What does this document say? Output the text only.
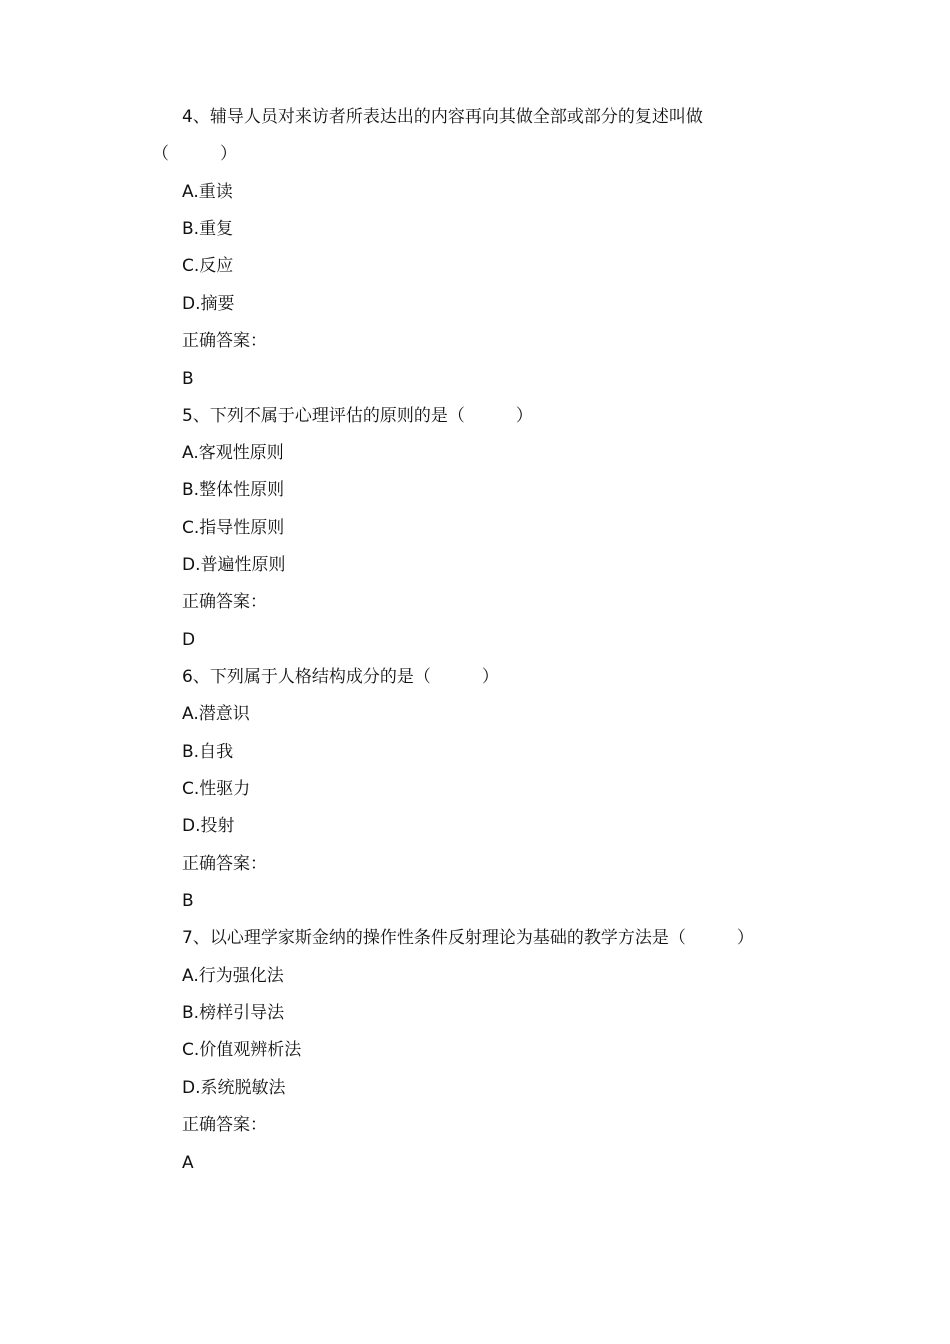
4、辅导人员对来访者所表达出的内容再向其做全部或部分的复述叫做
（　　　）
A.重读
B.重复
C.反应
D.摘要
正确答案：
B
5、下列不属于心理评估的原则的是（　　　）
A.客观性原则
B.整体性原则
C.指导性原则
D.普遍性原则
正确答案：
D
6、下列属于人格结构成分的是（　　　）
A.潜意识
B.自我
C.性驱力
D.投射
正确答案：
B
7、以心理学家斯金纳的操作性条件反射理论为基础的教学方法是（　　　）
A.行为强化法
B.榜样引导法
C.价值观辨析法
D.系统脱敏法
正确答案：
A
